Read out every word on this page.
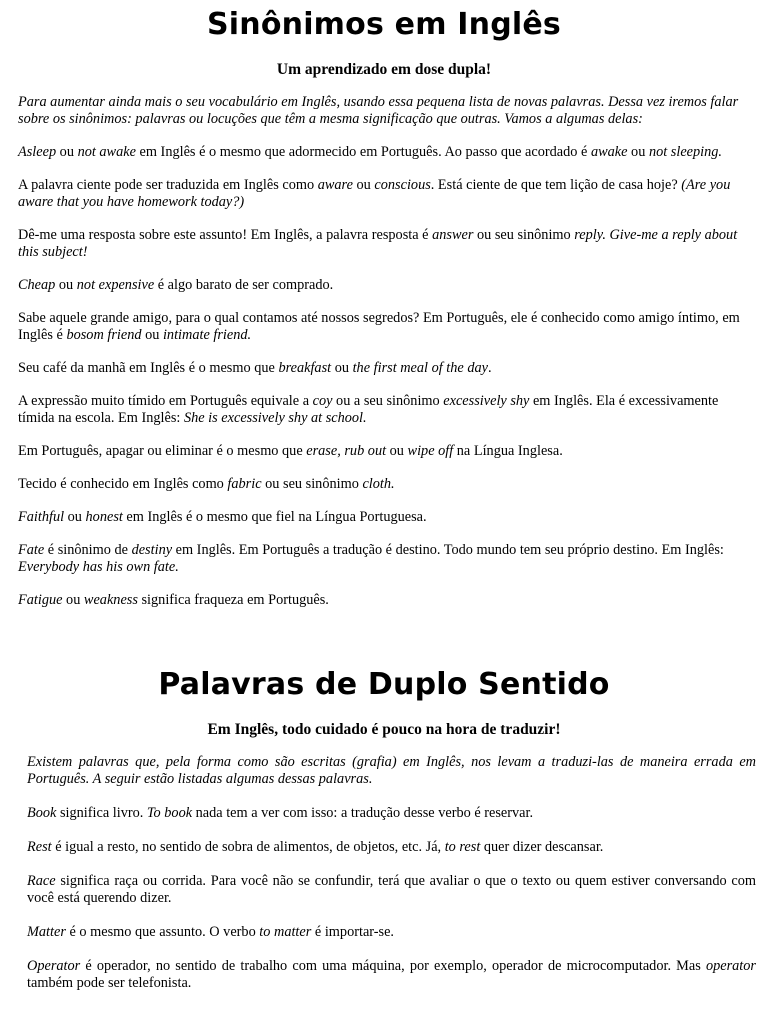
Sinônimos em Inglês
Um aprendizado em dose dupla!

Para aumentar ainda mais o seu vocabulário em Inglês, usando essa pequena lista de novas palavras. Dessa vez iremos falar sobre os sinônimos: palavras ou locuções que têm a mesma significação que outras. Vamos a algumas delas:

Asleep ou not awake em Inglês é o mesmo que adormecido em Português. Ao passo que acordado é awake ou not sleeping.

A palavra ciente pode ser traduzida em Inglês como aware ou conscious. Está ciente de que tem lição de casa hoje? (Are you aware that you have homework today?)

Dê-me uma resposta sobre este assunto! Em Inglês, a palavra resposta é answer ou seu sinônimo reply. Give-me a reply about this subject!

Cheap ou not expensive é algo barato de ser comprado.

Sabe aquele grande amigo, para o qual contamos até nossos segredos? Em Português, ele é conhecido como amigo íntimo, em Inglês é bosom friend ou intimate friend.

Seu café da manhã em Inglês é o mesmo que breakfast ou the first meal of the day.

A expressão muito tímido em Português equivale a coy ou a seu sinônimo excessively shy em Inglês. Ela é excessivamente tímida na escola. Em Inglês: She is excessively shy at school.

Em Português, apagar ou eliminar é o mesmo que erase, rub out ou wipe off na Língua Inglesa.

Tecido é conhecido em Inglês como fabric ou seu sinônimo cloth.

Faithful ou honest em Inglês é o mesmo que fiel na Língua Portuguesa.

Fate é sinônimo de destiny em Inglês. Em Português a tradução é destino. Todo mundo tem seu próprio destino. Em Inglês: Everybody has his own fate.

Fatigue ou weakness significa fraqueza em Português.

Palavras de Duplo Sentido
Em Inglês, todo cuidado é pouco na hora de traduzir!

Existem palavras que, pela forma como são escritas (grafia) em Inglês, nos levam a traduzi-las de maneira errada em Português. A seguir estão listadas algumas dessas palavras.

Book significa livro. To book nada tem a ver com isso: a tradução desse verbo é reservar.

Rest é igual a resto, no sentido de sobra de alimentos, de objetos, etc. Já, to rest quer dizer descansar.

Race significa raça ou corrida. Para você não se confundir, terá que avaliar o que o texto ou quem estiver conversando com você está querendo dizer.

Matter é o mesmo que assunto. O verbo to matter é importar-se.

Operator é operador, no sentido de trabalho com uma máquina, por exemplo, operador de microcomputador. Mas operator também pode ser telefonista.
